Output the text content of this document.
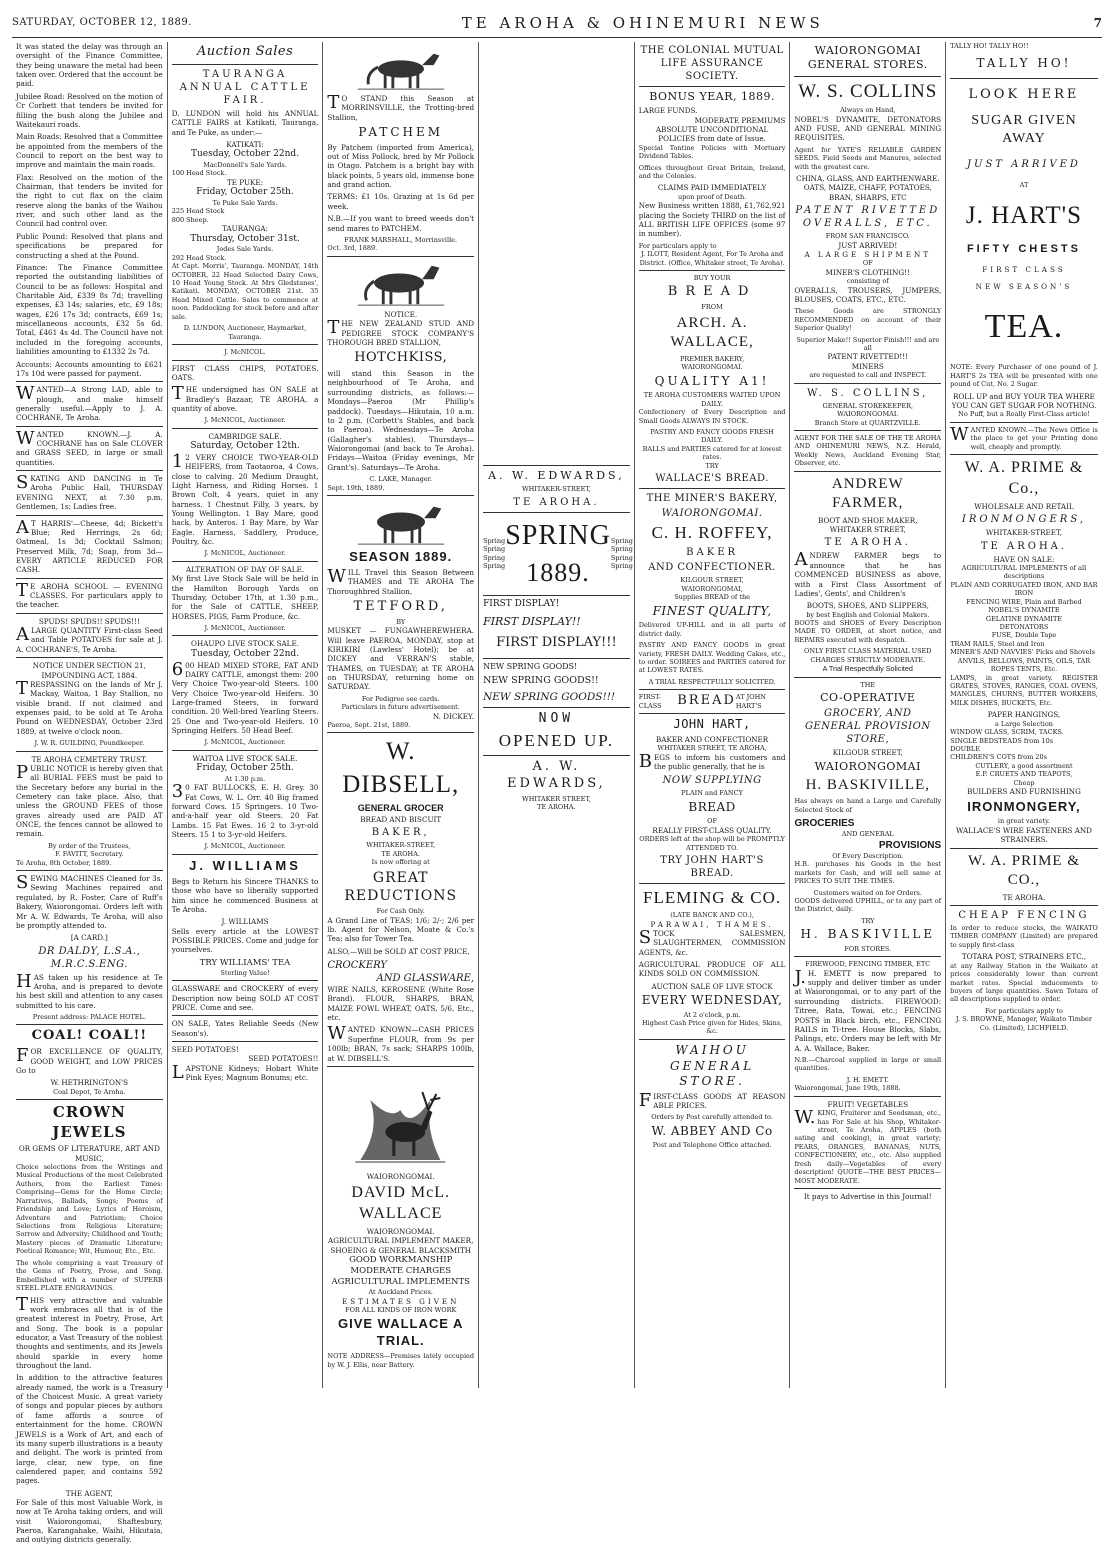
SATURDAY, OCTOBER 12, 1889.	TE AROHA & OHINEMURI NEWS	7
It was stated the delay was through an oversight of the Finance Committee, they being unaware the metal had been taken over. Ordered that the account be paid.
Jubilee Road: Resolved on the motion of Cr Corbett that tenders be invited for filling the bush along the Jubilee and Waitekauri roads.
Main Roads: Resolved that a Committee be appointed from the members of the Council to report on the best way to improve and maintain the main roads.
Flax: Resolved on the motion of the Chairman, that tenders be invited for the right to cut flax on the claim reserve along the banks of the Waihou river, and such other land as the Council had control over.
Public Pound: Resolved that plans and specifications be prepared for constructing a shed at the Pound.
Finance: The Finance Committee reported the outstanding liabilities of Council to be as follows: Hospital and Charitable Aid, £339 8s 7d; travelling expenses, £3 14s; salaries, etc, £9 18s; wages, £26 17s 3d; contracts, £69 1s; miscellaneous accounts, £32 5s 6d. Total, £461 4s 4d. The Council have not included in the foregoing accounts, liabilities amounting to £1332 2s 7d.
Accounts: Accounts amounting to £621 17s 10d were passed for payment.
WANTED—A Strong LAD, able to plough, and make himself generally useful.—Apply to J. A. COCHRANE, Te Aroha.
WANTED KNOWN.—J. A. COCHRANE has on Sale CLOVER and GRASS SEED, in large or small quantities.
SKATING AND DANCING in Te Aroha Public Hall, THURSDAY EVENING NEXT, at 7.30 p.m. Gentlemen, 1s; Ladies free.
AT HARRIS'—Cheese, 4d; Bickett's Blue; Red Herrings, 2s 6d; Oatmeal, 1s 3d; Cocktail Salmon; Preserved Milk, 7d; Soap, from 3d—EVERY ARTICLE REDUCED FOR CASH.
TE AROHA SCHOOL — EVENING CLASSES. For particulars apply to the teacher.
SPUDS! SPUDS!! SPUDS!!!
ALARGE QUANTITY First-class Seed and Table POTATOES for sale at J. A. COCHRANE'S, Te Aroha.
NOTICE UNDER SECTION 21, IMPOUNDING ACT, 1884.
TRESPASSING on the lands of Mr J. Mackay, Waitoa, 1 Bay Stallion, no visible brand. If not claimed and expenses paid, to be sold at Te Aroha Pound on WEDNESDAY, October 23rd 1889, at twelve o'clock noon.
J. W. R. GUILDING, Poundkeeper.
TE AROHA CEMETERY TRUST.
PUBLIC NOTICE is hereby given that all BURIAL FEES must be paid to the Secretary before any burial in the Cemetery can take place. Also, that unless the GROUND FEES of those graves already used are PAID AT ONCE, the fences cannot be allowed to remain.
By order of the Trustees,
F. FAVITT, Secretary.
Te Aroha, 8th October, 1889.
SEWING MACHINES Cleaned for 3s. Sewing Machines repaired and regulated, by R. Foster, Care of Ruff's Bakery, Waiorongomai. Orders left with Mr A. W. Edwards, Te Aroha, will also be promptly attended to.
[A CARD.]
DR DALDY, L.S.A., M.R.C.S.ENG.
HAS taken up his residence at Te Aroha, and is prepared to devote his best skill and attention to any cases submitted to his care.
Present address: PALACE HOTEL.
COAL! COAL!!
FOR EXCELLENCE OF QUALITY, GOOD WEIGHT, and LOW PRICES Go to
W. HETHRINGTON'S
Coal Depot, Te Aroha.
CROWN JEWELS
OR GEMS OF LITERATURE, ART AND MUSIC,
Choice selections from the Writings and Musical Productions of the most Celebrated Authors, from the Earliest Times: Comprising—Gems for the Home Circle; Narratives, Ballads, Songs; Poems of Friendship and Love; Lyrics of Heroism, Adventure and Patriotism; Choice Selections from Religious Literature; Sorrow and Adversity; Childhood and Youth; Mastery pieces of Dramatic Literature; Poetical Romance; Wit, Humour, Etc., Etc.
The whole comprising a vast Treasury of the Gems of Poetry, Prose, and Song. Embellished with a number of SUPERB STEEL PLATE ENGRAVINGS.
THIS very attractive and valuable work embraces all that is of the greatest interest in Poetry, Prose, Art and Song. The book is a popular educator, a Vast Treasury of the noblest thoughts and sentiments, and its Jewels should sparkle in every home throughout the land.
In addition to the attractive features already named, the work is a Treasury of the Choicest Music. A great variety of songs and popular pieces by authors of fame affords a source of entertainment for the home. CROWN JEWELS is a Work of Art, and each of its many superb illustrations is a beauty and delight. The work is printed from large, clear, new type, on fine calendered paper, and contains 592 pages.
THE AGENT,
For Sale of this most Valuable Work, is now at Te Aroha taking orders, and will visit Waiorongomai, Shaftesbury, Paeroa, Karangahake, Waihi, Hikutaia, and outlying districts generally.
Auction Sales
TAURANGA ANNUAL CATTLE FAIR.
D. LUNDON will hold his ANNUAL CATTLE FAIRS at Katikati, Tauranga, and Te Puke, as under:—
KATIKATI:
Tuesday, October 22nd.
MacDonnell's Sale Yards.
100 Head Stock.
TE PUKE:
Friday, October 25th.
Te Puke Sale Yards.
225 Head Stock
800 Sheep.
TAURANGA:
Thursday, October 31st.
Jodes Sale Yards.
292 Head Stock.
At Capt. Morris', Tauranga. MONDAY, 14th OCTOBER, 22 Head Selected Dairy Cows, 10 Head Young Stock. At Mrs Gledstanes', Katikati. MONDAY, OCTOBER 21st. 35 Head Mixed Cattle. Sales to commence at noon. Paddocking for stock before and after sale.
D. LUNDON, Auctioneer, Haymarket, Tauranga.
J. McNICOL.
FIRST CLASS CHIPS, POTATOES, OATS.
THE undersigned has ON SALE at Bradley's Bazaar, TE AROHA, a quantity of above.
J. McNICOL, Auctioneer.
CAMBRIDGE SALE.
Saturday, October 12th.
12 VERY CHOICE TWO-YEAR-OLD HEIFERS, from Taotaoroa, 4 Cows, close to calving. 20 Medium Draught, Light Harness, and Riding Horses. 1 Brown Colt, 4 years, quiet in any harness. 1 Chestnut Filly, 3 years, by Young Wellington. 1 Bay Mare, good hack, by Anteros. 1 Bay Mare, by War Eagle. Harness, Saddlery, Produce, Poultry, &c.
J. McNICOL, Auctioneer.
ALTERATION OF DAY OF SALE.
My first Live Stock Sale will be held in the Hamilton Borough Yards on Thursday, October 17th, at 1.30 p.m., for the Sale of CATTLE, SHEEP, HORSES, PIGS, Farm Produce, &c.
J. McNICOL, Auctioneer.
OHAUPO LIVE STOCK SALE.
Tuesday, October 22nd.
600 HEAD MIXED STORE, FAT AND DAIRY CATTLE, amongst them: 200 Very Choice Two-year-old Steers. 100 Very Choice Two-year-old Heifers. 30 Large-framed Steers, in forward condition. 20 Well-bred Yearling Steers. 25 One and Two-year-old Heifers. 10 Springing Heifers. 50 Head Beef.
J. McNICOL, Auctioneer.
WAITOA LIVE STOCK SALE.
Friday, October 25th.
At 1.30 p.m.
30 FAT BULLOCKS, E. H. Grey. 30 Fat Cows, W. L. Orr. 40 Big framed forward Cows. 15 Springers. 10 Two-and-a-half year old Steers. 20 Fat Lambs. 15 Fat Ewes. 16 2 to 3-yr-old Steers. 15 1 to 3-yr-old Heifers.
J. McNICOL, Auctioneer.
J. WILLIAMS
Begs to Return his Sincere THANKS to those who have so liberally supported him since he commenced Business at Te Aroha.
J. WILLIAMS
Sells every article at the LOWEST POSSIBLE PRICES. Come and judge for yourselves.
TRY WILLIAMS' TEA
Sterling Value!
GLASSWARE and CROCKERY of every Description now being SOLD AT COST PRICE. Come and see.
ON SALE, Yates Reliable Seeds (New Season's).
SEED POTATOES!
SEED POTATOES!!
LAPSTONE Kidneys; Hobart White Pink Eyes; Magnum Bonums; etc.
TO STAND this Season at MORRINSVILLE, the Trotting-bred Stallion,
PATCHEM
By Patchem (imported from America), out of Miss Pollock, bred by Mr Pollock in Otago. Patchem is a bright bay with black points, 5 years old, immense bone and grand action.
TERMS: £1 10s. Grazing at 1s 6d per week.
N.B.—If you want to breed weeds don't send mares to PATCHEM.
FRANK MARSHALL, Morrinsville.
Oct. 3rd, 1889.
NOTICE.
THE NEW ZEALAND STUD AND PEDIGREE STOCK COMPANY'S THOROUGH BRED STALLION,
HOTCHKISS,
will stand this Season in the neighbourhood of Te Aroha, and surrounding districts, as follows:— Mondays—Paeroa (Mr Phillip's paddock). Tuesdays—Hikutaia, 10 a.m. to 2 p.m. (Corbett's Stables, and back to Paeroa). Wednesdays—Te Aroha (Gallagher's stables). Thursdays—Waiorongomai (and back to Te Aroha). Fridays—Waitoa (Friday evenings, Mr Grant's). Saturdays—Te Aroha.
C. LAKE, Manager.
Sept. 19th, 1889.
SEASON 1889.
WILL Travel this Season Between THAMES and TE AROHA The Thoroughbred Stallion,
TETFORD,
BY
MUSKET — FUNGAWHEREWHERA. Will leave PAEROA, MONDAY, stop at KIRIKIRI (Lawless' Hotel); be at DICKEY and VERRAN'S stable, THAMES, on TUESDAY; at TE AROHA on THURSDAY, returning home on SATURDAY.
For Pedigree see cards.
Particulars in future advertisement.
N. DICKEY.
Paeroa, Sept. 21st, 1889.
W. DIBSELL,
GENERAL GROCER
BREAD AND BISCUIT
BAKER,
WHITAKER-STREET,
TE AROHA.
Is now offering at
GREAT REDUCTIONS
For Cash Only.
A Grand Line of TEAS; 1/6; 2/-; 2/6 per lb. Agent for Nelson, Moate & Co.'s Tea; also for Tower Tea.
ALSO,—Will be SOLD AT COST PRICE,
CROCKERY
AND GLASSWARE,
WIRE NAILS, KEROSENE (White Rose Brand). FLOUR, SHARPS, BRAN, MAIZE FOWL WHEAT, OATS, 5/6, Etc., etc.
WANTED KNOWN—CASH PRICES Superfine FLOUR, from 9s per 100lb; BRAN, 7s sack; SHARPS 100lb, at W. DIBSELL'S.
WAIORONGOMAI.
DAVID McL. WALLACE
WAIORONGOMAI.
AGRICULTURAL IMPLEMENT MAKER,
SHOEING & GENERAL BLACKSMITH
GOOD WORKMANSHIP
MODERATE CHARGES
AGRICULTURAL IMPLEMENTS
At Auckland Prices.
ESTIMATES GIVEN
FOR ALL KINDS OF IRON WORK
GIVE WALLACE A TRIAL.
NOTE ADDRESS—Premises lately occupied by W. J. Ellis, near Battery.
A. W. EDWARDS,
WHITAKER-STREET,
TE AROHA.
Spring
Spring
Spring
Spring
SPRING
1889.
Spring
Spring
Spring
Spring
FIRST DISPLAY!
FIRST DISPLAY!!
FIRST DISPLAY!!!
NEW SPRING GOODS!
NEW SPRING GOODS!!
NEW SPRING GOODS!!!
NOW
OPENED UP.
A. W. EDWARDS,
WHITAKER STREET,
TE AROHA.
THE COLONIAL MUTUAL LIFE ASSURANCE SOCIETY.
BONUS YEAR, 1889.
LARGE FUNDS.
MODERATE PREMIUMS
ABSOLUTE UNCONDITIONAL
POLICIES from date of Issue.
Special Tontine Policies with Mortuary Dividend Tables.
Offices throughout Great Britain, Ireland, and the Colonies.
CLAIMS PAID IMMEDIATELY
upon proof of Death.
New Business written 1888, £1,762,921 placing the Society THIRD on the list of ALL BRITISH LIFE OFFICES (some 97 in number).
For particulars apply to
J. ILOTT, Resident Agent, For Te Aroha and District. (Office, Whitaker street, Te Aroha).
BUY YOUR
BREAD
FROM
ARCH. A. WALLACE,
PREMIER BAKERY,
WAIORONGOMAI.
QUALITY A1!
TE AROHA CUSTOMERS WAITED UPON DAILY.
Confectionery of Every Description and Small Goods ALWAYS IN STOCK.
PASTRY AND FANCY GOODS FRESH DAILY.
BALLS and PARTIES catered for at lowest rates.
TRY
WALLACE'S BREAD.
THE MINER'S BAKERY,
WAIORONGOMAI.
C. H. ROFFEY,
BAKER
AND CONFECTIONER.
KILGOUR STREET,
WAIORONGOMAI,
Supplies BREAD of the
FINEST QUALITY,
Delivered UP-HILL and in all parts of district daily.
PASTRY AND FANCY GOODS in great variety, FRESH DAILY. Wedding Cakes, etc., to order. SOIREES and PARTIES catered for at LOWEST RATES.
A TRIAL RESPECTFULLY SOLICITED.
FIRST-CLASS	BREAD AT JOHN HART'S
JOHN HART,
BAKER AND CONFECTIONER
WHITAKER STREET, TE AROHA,
BEGS to inform his customers and the public generally, that he is
NOW SUPPLYING
PLAIN and FANCY
BREAD
OF
REALLY FIRST-CLASS QUALITY.
ORDERS left at the shop will be PROMPTLY ATTENDED TO.
TRY JOHN HART'S BREAD.
FLEMING & CO.
(LATE BANCK AND CO.),
PARAWAI, THAMES.
STOCK SALESMEN, SLAUGHTERMEN, COMMISSION AGENTS, &c.
AGRICULTURAL PRODUCE OF ALL KINDS SOLD ON COMMISSION.
AUCTION SALE OF LIVE STOCK
EVERY WEDNESDAY,
At 2 o'clock, p.m.
Highest Cash Price given for Hides, Skins, &c.
WAIHOU GENERAL STORE.
FIRST-CLASS GOODS AT REASON ABLE PRICES.
Orders by Post carefully attended to.
W. ABBEY AND Co
Post and Telephone Office attached.
WAIORONGOMAI GENERAL STORES.
W. S. COLLINS
Always on Hand,
NOBEL'S DYNAMITE, DETONATORS AND FUSE, AND GENERAL MINING REQUISITES.
Agent for YATE'S RELIABLE GARDEN SEEDS. Field Seeds and Manures, selected with the greatest care.
CHINA, GLASS, AND EARTHENWARE.
OATS, MAIZE, CHAFF, POTATOES, BRAN, SHARPS, ETC
PATENT RIVETTED OVERALLS, ETC.
FROM SAN FRANCISCO.
JUST ARRIVED!
A LARGE SHIPMENT
OF
MINER'S CLOTHING!!
consisting of
OVERALLS, TROUSERS, JUMPERS, BLOUSES, COATS, ETC., ETC.
These Goods are STRONGLY RECOMMENDED on account of their Superior Quality!
Superior Make!! Superior Finish!!! and are all
PATENT RIVETTED!!!
MINERS
are requested to call and INSPECT.
W. S. COLLINS,
GENERAL STOREKEEPER,
WAIORONGOMAI.
Branch Store at QUARTZVILLE.
AGENT FOR THE SALE OF THE TE AROHA AND OHINEMURI NEWS, N.Z. Herald, Weekly News, Auckland Evening Star, Observer, etc.
ANDREW FARMER,
BOOT AND SHOE MAKER,
WHITAKER STREET,
TE AROHA.
ANDREW FARMER begs to announce that he has COMMENCED BUSINESS as above, with a First Class Assortment of Ladies', Gents', and Children's
BOOTS, SHOES, AND SLIPPERS,
by best English and Colonial Makers.
BOOTS and SHOES of Every Description MADE TO ORDER, at short notice, and REPAIRS executed with despatch.
ONLY FIRST CLASS MATERIAL USED
CHARGES STRICTLY MODERATE.
A Trial Respectfully Solicited
THE
CO-OPERATIVE
GROCERY, AND GENERAL PROVISION STORE,
KILGOUR STREET,
WAIORONGOMAI
H. BASKIVILLE,
Has always on hand a Large and Carefully Selected Stock of
GROCERIES
AND GENERAL
PROVISIONS
Of Every Description.
H.B. purchases his Goods in the best markets for Cash, and will sell same at PRICES TO SUIT THE TIMES.
Customers waited on for Orders.
GOODS delivered UPHILL, or to any part of the District, daily.
TRY
H. BASKIVILLE
FOR STORES.
FIREWOOD, FENCING TIMBER, ETC
J.H. EMETT is now prepared to supply and deliver timber as under at Waiorongomai, or to any part of the surrounding districts. FIREWOOD: Titree, Rata, Towai, etc.; FENCING POSTS in Black birch, etc., FENCING RAILS in Ti-tree. House Blocks, Slabs, Palings, etc. Orders may be left with Mr A. A. Wallace, Baker.
N.B.—Charcoal supplied in large or small quantities.
J. H. EMETT.
Waiorongomai, June 19th, 1888.
FRUIT! VEGETABLES
W.KING, Fruiterer and Seedsman, etc., has For Sale at his Shop, Whitaker-street, Te Aroha, APPLES (both eating and cooking), in great variety; PEARS, ORANGES, BANANAS, NUTS, CONFECTIONERY, etc., etc. Also supplied fresh daily—Vegetables of every description! QUOTE—THE BEST PRICES—MOST MODERATE.
It pays to Advertise in this Journal!
TALLY HO! TALLY HO!!
TALLY HO!
LOOK HERE
SUGAR GIVEN AWAY
JUST ARRIVED
AT
J. HART'S
FIFTY CHESTS
FIRST CLASS
NEW SEASON'S
TEA.
NOTE: Every Purchaser of one pound of J. HART'S 2s TEA will be presented with one pound of Cut, No. 2 Sugar.
ROLL UP and BUY YOUR TEA WHERE YOU CAN GET SUGAR FOR NOTHING.
No Puff, but a Really First-Class article!
WANTED KNOWN.—The News Office is the place to get your Printing done well, cheaply and promptly.
W. A. PRIME & Co.,
WHOLESALE AND RETAIL
IRONMONGERS,
WHITAKER-STREET,
TE AROHA.
HAVE ON SALE:
AGRICULTURAL IMPLEMENTS of all descriptions
PLAIN AND CORRUGATED IRON, AND BAR IRON
FENCING WIRE, Plain and Barbed
NOBEL'S DYNAMITE
GELATINE DYNAMITE
DETONATORS
FUSE, Double Tape
TRAM RAILS, Steel and Iron
MINER'S AND NAVVIES' Picks and Shovels
ANVILS, BELLOWS, PAINTS, OILS, TAR ROPES TENTS, Etc.
LAMPS, in great variety. REGISTER GRATES, STOVES, RANGES, COAL OVENS, MANGLES, CHURNS, BUTTER WORKERS, MILK DISHES, BUCKETS, Etc.
PAPER HANGINGS,
a Large Selection
WINDOW GLASS, SCRIM, TACKS.
SINGLE BEDSTEADS from 10s
DOUBLE
CHILDREN'S COTS from 20s
CUTLERY, a good assortment
E.P. CRUETS AND TEAPOTS,
Cheap
BUILDERS AND FURNISHING
IRONMONGERY,
in great variety.
WALLACE'S WIRE FASTENERS AND STRAINERS.
W. A. PRIME & CO.,
TE AROHA.
CHEAP FENCING
In order to reduce stocks, the WAIKATO TIMBER COMPANY (Limited) are prepared to supply first-class
TOTARA POST, STRAINERS ETC.,
at any Railway Station in the Waikato at prices considerably lower than current market rates. Special inducements to buyers of large quantities. Sawn Totara of all descriptions supplied to order.
For particulars apply to
J. S. BROWNE, Manager, Waikato Timber Co. (Limited), LICHFIELD.
